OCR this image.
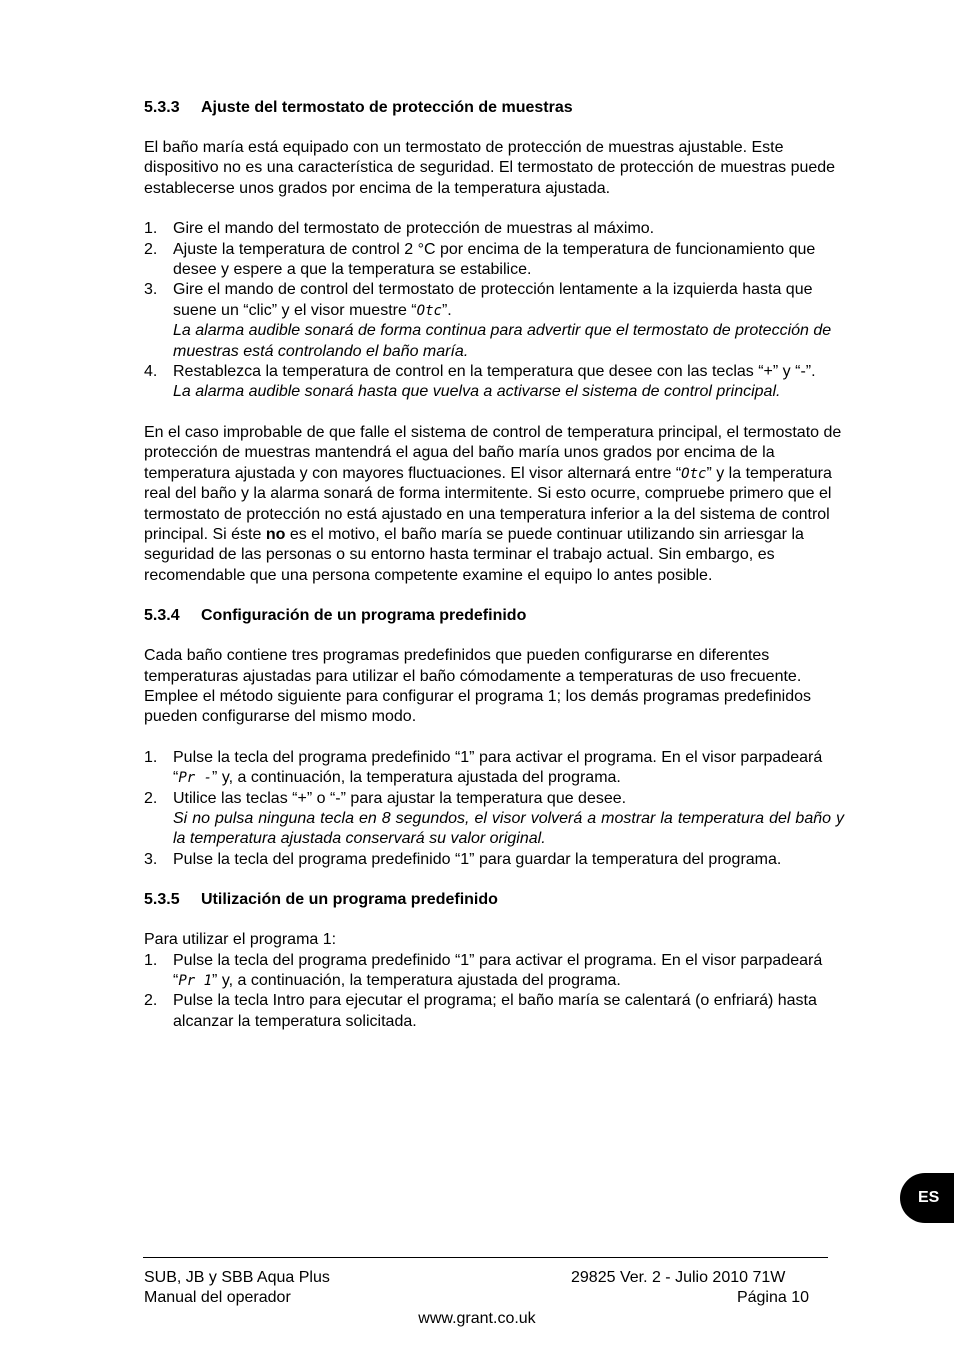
5.3.3 Ajuste del termostato de protección de muestras

El baño maría está equipado con un termostato de protección de muestras ajustable. Este dispositivo no es una característica de seguridad. El termostato de protección de muestras puede establecerse unos grados por encima de la temperatura ajustada.

1. Gire el mando del termostato de protección de muestras al máximo.
2. Ajuste la temperatura de control 2 °C por encima de la temperatura de funcionamiento que desee y espere a que la temperatura se estabilice.
3. Gire el mando de control del termostato de protección lentamente a la izquierda hasta que suene un “clic” y el visor muestre “Otc”.
La alarma audible sonará de forma continua para advertir que el termostato de protección de muestras está controlando el baño maría.
4. Restablezca la temperatura de control en la temperatura que desee con las teclas “+” y “-”.
La alarma audible sonará hasta que vuelva a activarse el sistema de control principal.

En el caso improbable de que falle el sistema de control de temperatura principal, el termostato de protección de muestras mantendrá el agua del baño maría unos grados por encima de la temperatura ajustada y con mayores fluctuaciones. El visor alternará entre “Otc” y la temperatura real del baño y la alarma sonará de forma intermitente. Si esto ocurre, compruebe primero que el termostato de protección no está ajustado en una temperatura inferior a la del sistema de control principal. Si éste no es el motivo, el baño maría se puede continuar utilizando sin arriesgar la seguridad de las personas o su entorno hasta terminar el trabajo actual. Sin embargo, es recomendable que una persona competente examine el equipo lo antes posible.

5.3.4 Configuración de un programa predefinido

Cada baño contiene tres programas predefinidos que pueden configurarse en diferentes temperaturas ajustadas para utilizar el baño cómodamente a temperaturas de uso frecuente. Emplee el método siguiente para configurar el programa 1; los demás programas predefinidos pueden configurarse del mismo modo.

1. Pulse la tecla del programa predefinido “1” para activar el programa. En el visor parpadeará “Pr -” y, a continuación, la temperatura ajustada del programa.
2. Utilice las teclas “+” o “-” para ajustar la temperatura que desee.
Si no pulsa ninguna tecla en 8 segundos, el visor volverá a mostrar la temperatura del baño y la temperatura ajustada conservará su valor original.
3. Pulse la tecla del programa predefinido “1” para guardar la temperatura del programa.
5.3.5 Utilización de un programa predefinido

Para utilizar el programa 1:

1. Pulse la tecla del programa predefinido “1” para activar el programa. En el visor parpadeará “Pr 1” y, a continuación, la temperatura ajustada del programa.
2. Pulse la tecla Intro para ejecutar el programa; el baño maría se calentará (o enfriará) hasta alcanzar la temperatura solicitada.
ES
SUB, JB y SBB Aqua Plus
Manual del operador
29825 Ver. 2 - Julio 2010 71W
Página 10
www.grant.co.uk
